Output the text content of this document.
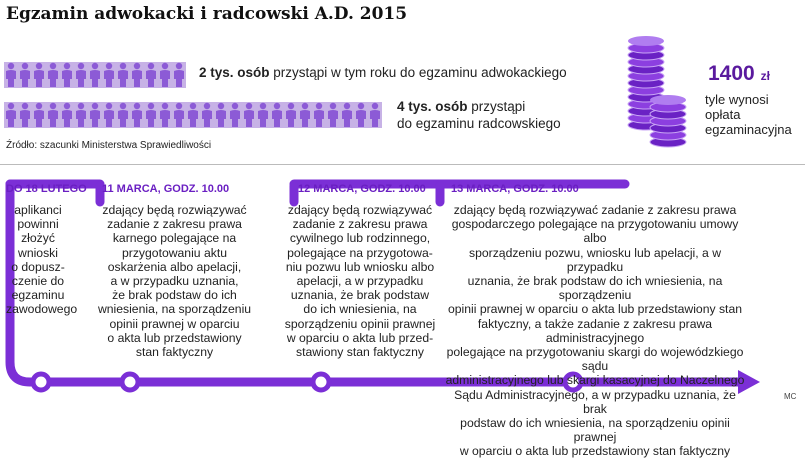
Egzamin adwokacki i radcowski A.D. 2015
2 tys. osób przystąpi w tym roku do egzaminu adwokackiego
4 tys. osób przystąpi
do egzaminu radcowskiego
Źródło: szacunki Ministerstwa Sprawiedliwości
1400 zł
tyle wynosi opłata egzaminacyjna
DO 18 LUTEGO
aplikanci
powinni złożyć
wnioski
o dopusz-
czenie do
egzaminu
zawodowego
11 MARCA, GODZ. 10.00
zdający będą rozwiązywać
zadanie z zakresu prawa
karnego polegające na
przygotowaniu aktu
oskarżenia albo apelacji,
a w przypadku uznania,
że brak podstaw do ich
wniesienia, na sporządzeniu
opinii prawnej w oparciu
o akta lub przedstawiony
stan faktyczny
12 MARCA, GODZ. 10.00
zdający będą rozwiązywać
zadanie z zakresu prawa
cywilnego lub rodzinnego,
polegające na przygotowa-
niu pozwu lub wniosku albo
apelacji, a w przypadku
uznania, że brak podstaw
do ich wniesienia, na
sporządzeniu opinii prawnej
w oparciu o akta lub przed-
stawiony stan faktyczny
13 MARCA, GODZ. 10.00
zdający będą rozwiązywać zadanie z zakresu prawa
gospodarczego polegające na przygotowaniu umowy albo
sporządzeniu pozwu, wniosku lub apelacji, a w przypadku
uznania, że brak podstaw do ich wniesienia, na sporządzeniu
opinii prawnej w oparciu o akta lub przedstawiony stan
faktyczny, a także zadanie z zakresu prawa administracyjnego
polegające na przygotowaniu skargi do wojewódzkiego sądu
administracyjnego lub skargi kasacyjnej do Naczelnego
Sądu Administracyjnego, a w przypadku uznania, że brak
podstaw do ich wniesienia, na sporządzeniu opinii prawnej
w oparciu o akta lub przedstawiony stan faktyczny
MC
